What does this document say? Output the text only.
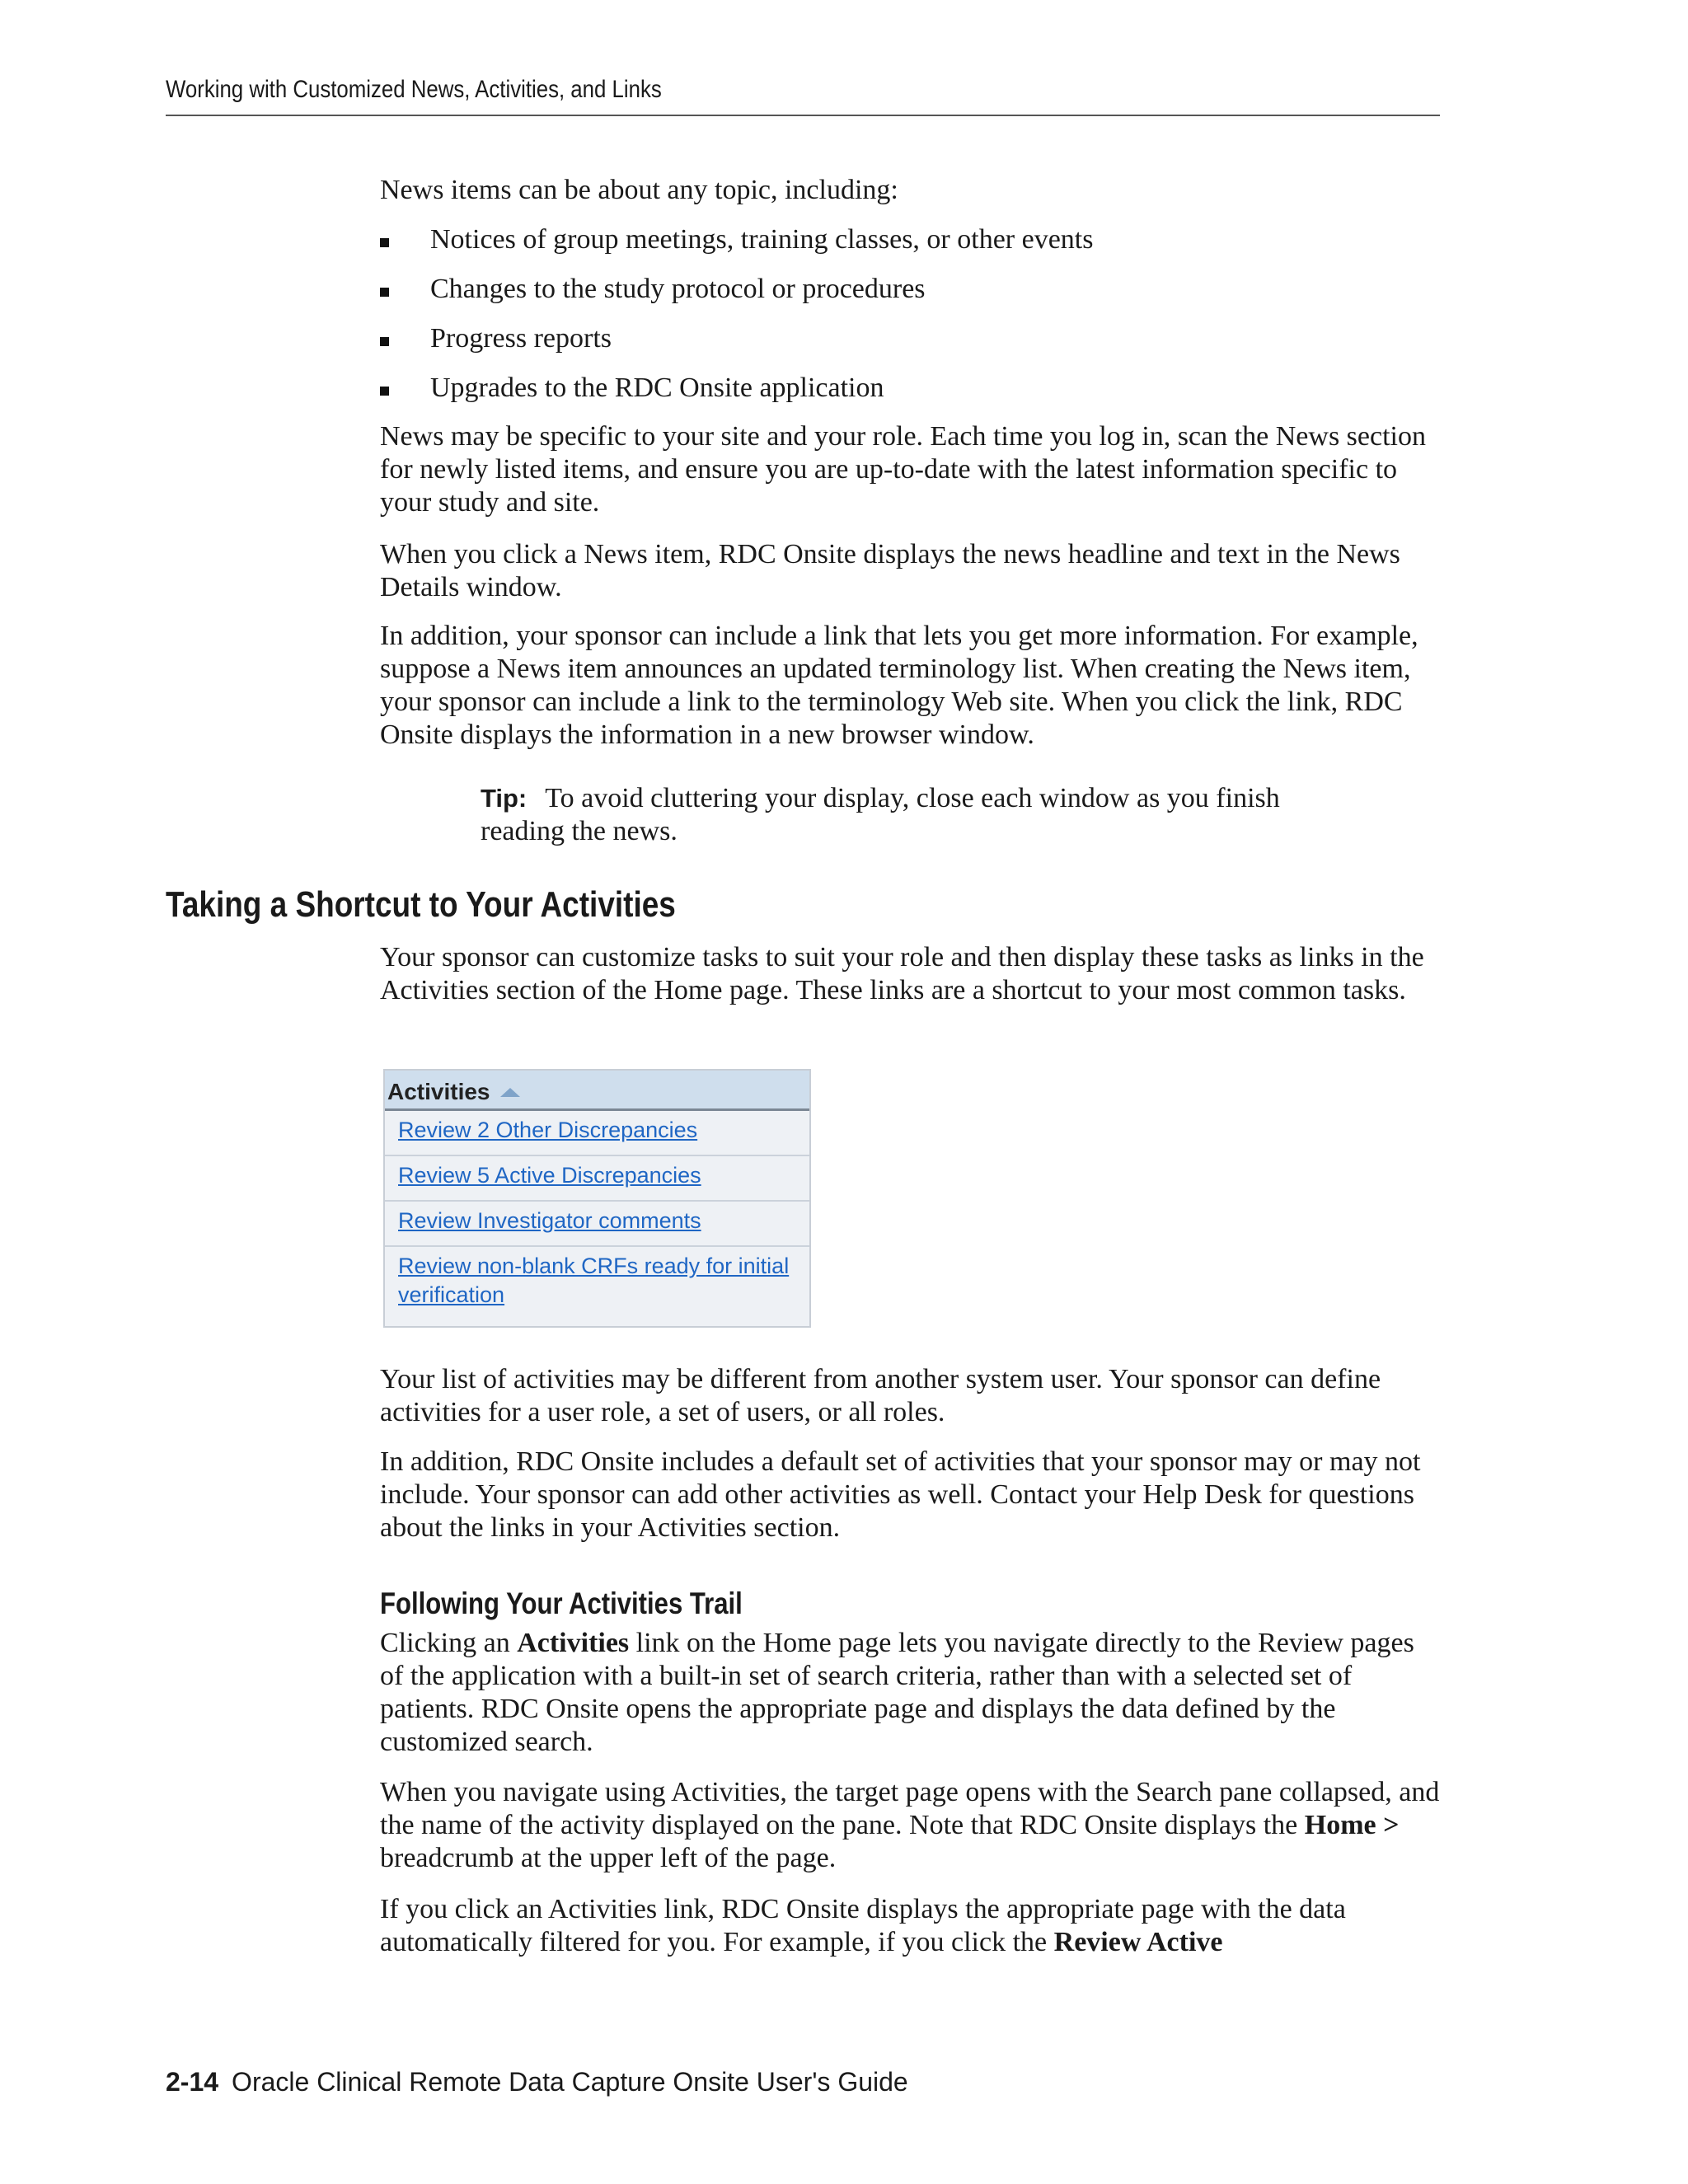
Working with Customized News, Activities, and Links

News items can be about any topic, including:

Notices of group meetings, training classes, or other events
Changes to the study protocol or procedures
Progress reports
Upgrades to the RDC Onsite application

News may be specific to your site and your role. Each time you log in, scan the News section for newly listed items, and ensure you are up-to-date with the latest information specific to your study and site.

When you click a News item, RDC Onsite displays the news headline and text in the News Details window.

In addition, your sponsor can include a link that lets you get more information. For example, suppose a News item announces an updated terminology list. When creating the News item, your sponsor can include a link to the terminology Web site. When you click the link, RDC Onsite displays the information in a new browser window.

Tip: To avoid cluttering your display, close each window as you finish reading the news.
Taking a Shortcut to Your Activities

Your sponsor can customize tasks to suit your role and then display these tasks as links in the Activities section of the Home page. These links are a shortcut to your most common tasks.

Activities
Review 2 Other Discrepancies
Review 5 Active Discrepancies
Review Investigator comments
Review non-blank CRFs ready for initial verification

Your list of activities may be different from another system user. Your sponsor can define activities for a user role, a set of users, or all roles.

In addition, RDC Onsite includes a default set of activities that your sponsor may or may not include. Your sponsor can add other activities as well. Contact your Help Desk for questions about the links in your Activities section.

Following Your Activities Trail

Clicking an Activities link on the Home page lets you navigate directly to the Review pages of the application with a built-in set of search criteria, rather than with a selected set of patients. RDC Onsite opens the appropriate page and displays the data defined by the customized search.

When you navigate using Activities, the target page opens with the Search pane collapsed, and the name of the activity displayed on the pane. Note that RDC Onsite displays the Home > breadcrumb at the upper left of the page.

If you click an Activities link, RDC Onsite displays the appropriate page with the data automatically filtered for you. For example, if you click the Review Active

2-14 Oracle Clinical Remote Data Capture Onsite User's Guide
